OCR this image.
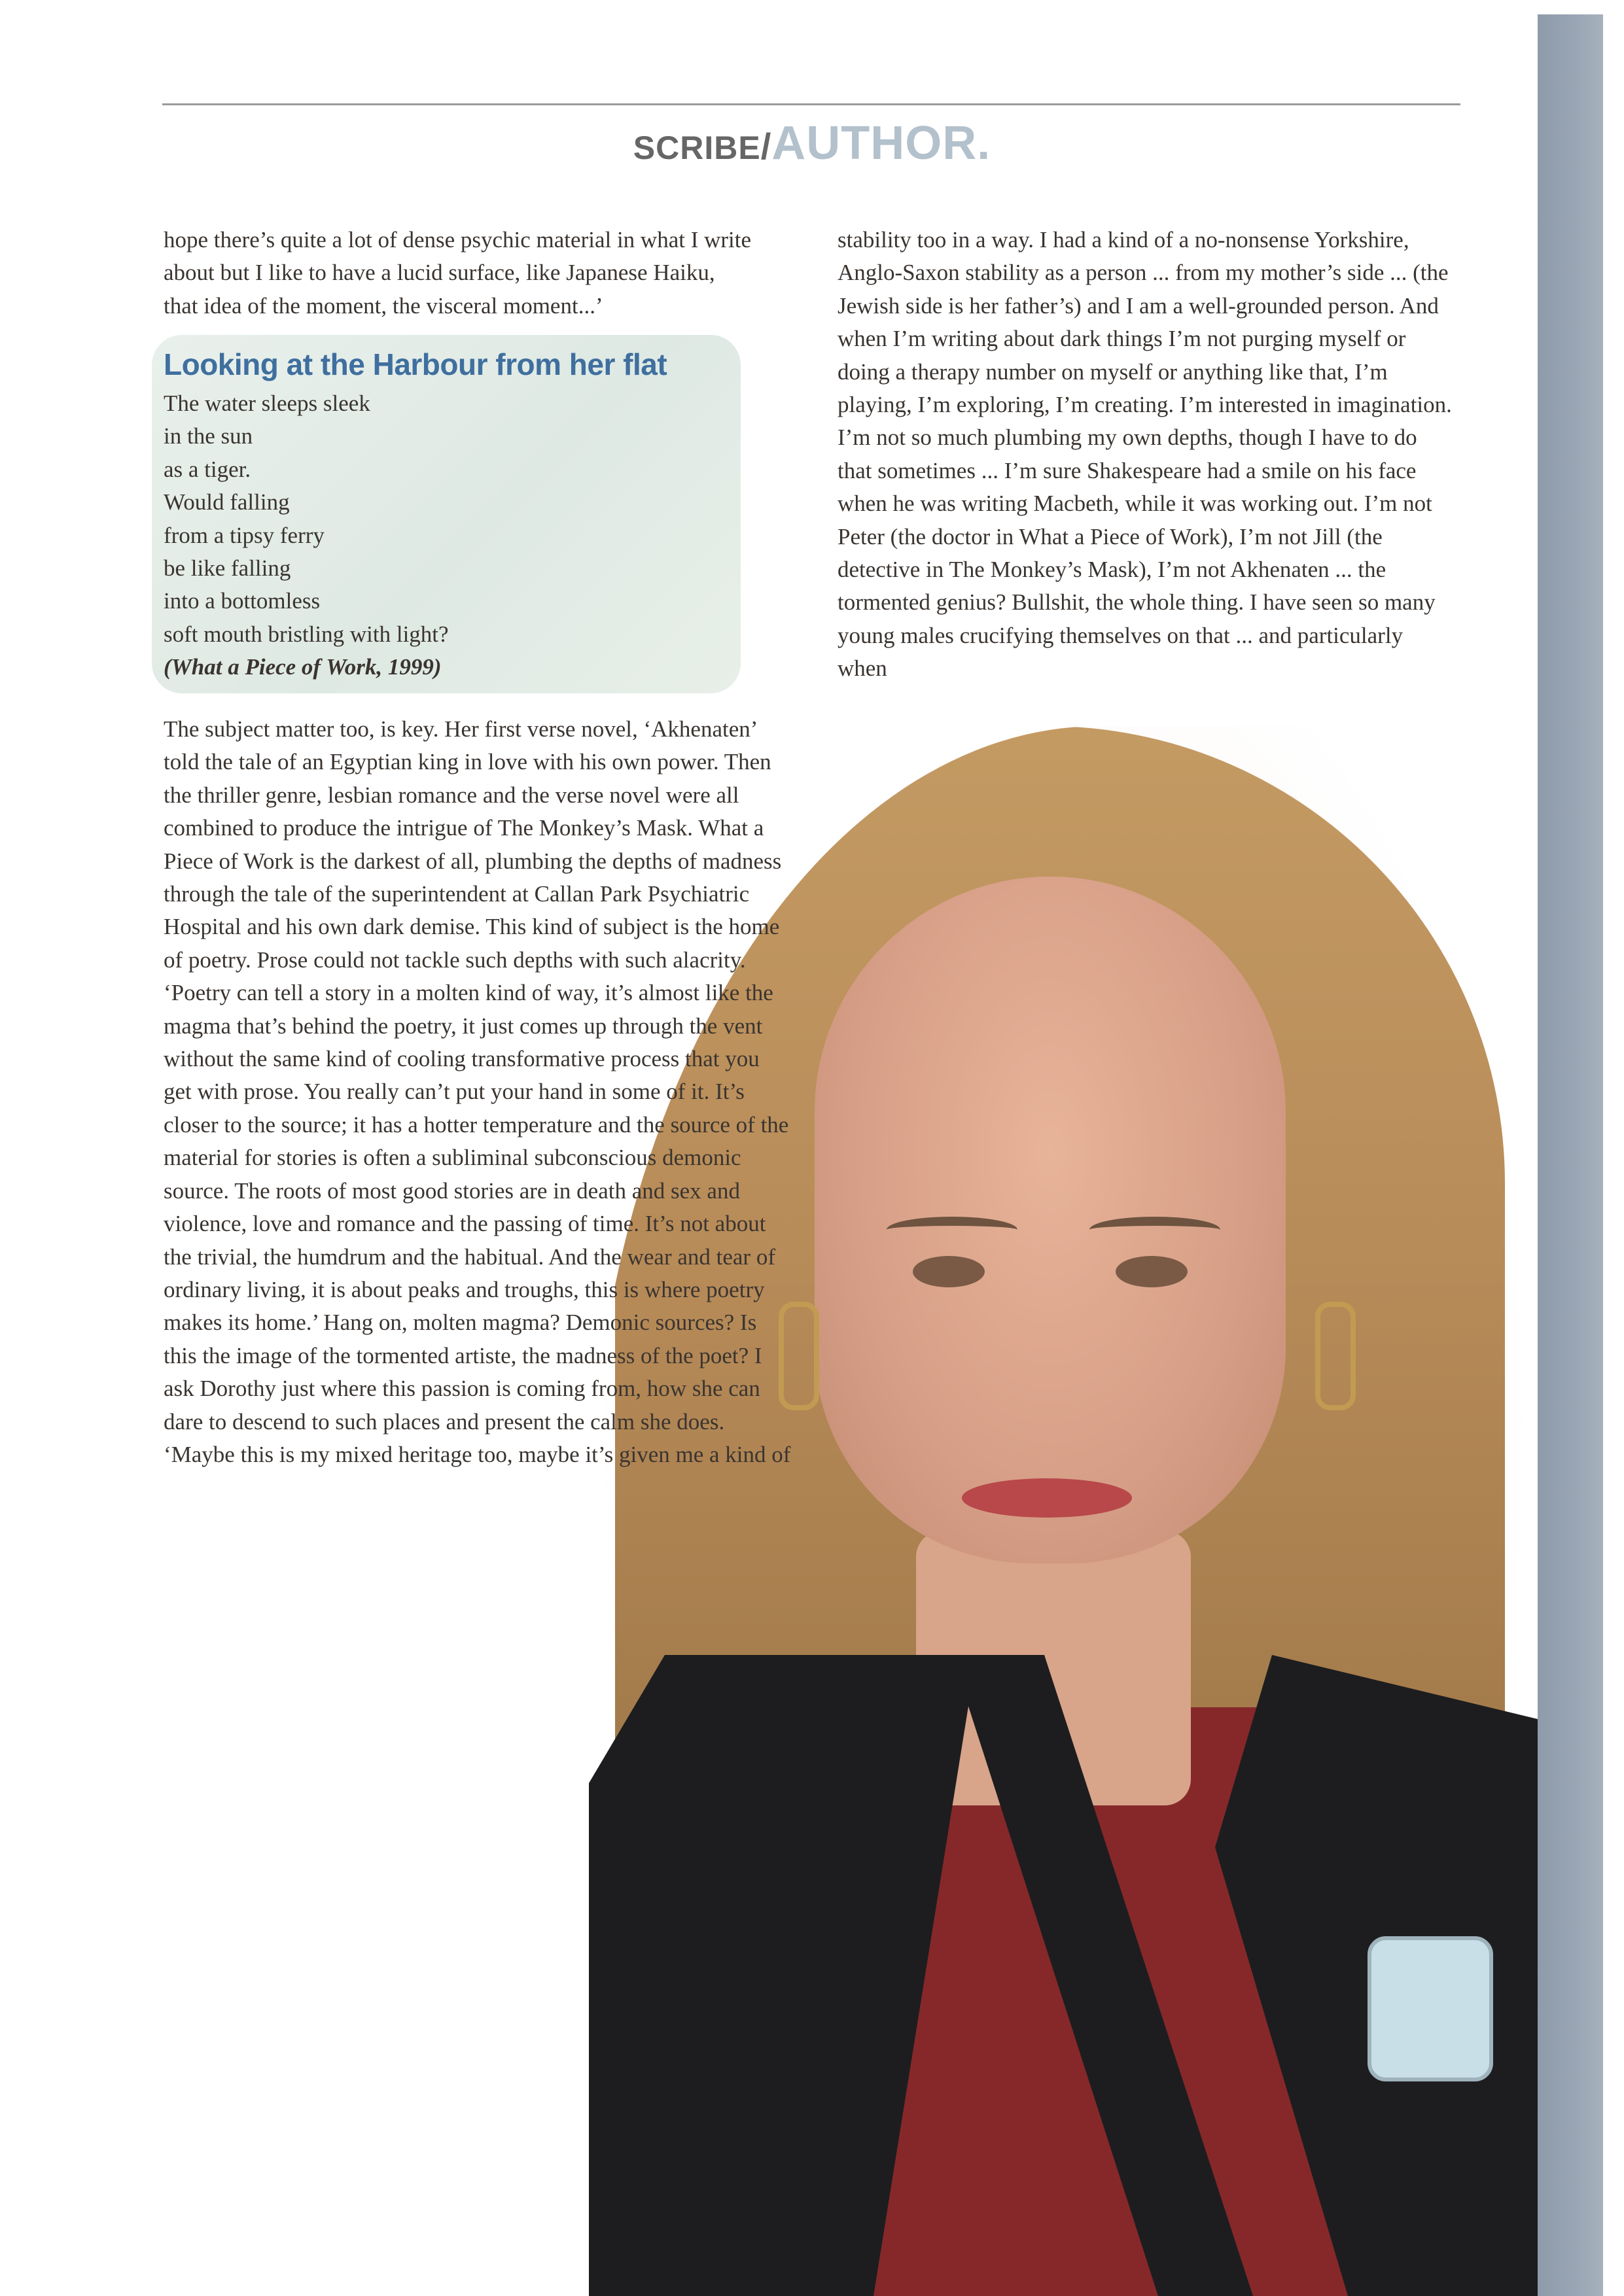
SCRIBE/AUTHOR.

hope there’s quite a lot of dense psychic material in what I write about but I like to have a lucid surface, like Japanese Haiku, that idea of the moment, the visceral moment...’

Looking at the Harbour from her flat
The water sleeps sleek
in the sun
as a tiger.
Would falling
from a tipsy ferry
be like falling
into a bottomless
soft mouth bristling with light?
(What a Piece of Work, 1999)
The subject matter too, is key. Her first verse novel, ‘Akhenaten’ told the tale of an Egyptian king in love with his own power. Then the thriller genre, lesbian romance and the verse novel were all combined to produce the intrigue of The Monkey’s Mask. What a Piece of Work is the darkest of all, plumbing the depths of madness through the tale of the superintendent at Callan Park Psychiatric Hospital and his own dark demise. This kind of subject is the home of poetry. Prose could not tackle such depths with such alacrity. ‘Poetry can tell a story in a molten kind of way, it’s almost like the magma that’s behind the poetry, it just comes up through the vent without the same kind of cooling transformative process that you get with prose. You really can’t put your hand in some of it. It’s closer to the source; it has a hotter temperature and the source of the material for stories is often a subliminal subconscious demonic source. The roots of most good stories are in death and sex and violence, love and romance and the passing of time. It’s not about the trivial, the humdrum and the habitual. And the wear and tear of ordinary living, it is about peaks and troughs, this is where poetry makes its home.’ Hang on, molten magma? Demonic sources? Is this the image of the tormented artiste, the madness of the poet? I ask Dorothy just where this passion is coming from, how she can dare to descend to such places and present the calm she does. ‘Maybe this is my mixed heritage too, maybe it’s given me a kind of

stability too in a way. I had a kind of a no-nonsense Yorkshire, Anglo-Saxon stability as a person ... from my mother’s side ... (the Jewish side is her father’s) and I am a well-grounded person. And when I’m writing about dark things I’m not purging myself or doing a therapy number on myself or anything like that, I’m playing, I’m exploring, I’m creating. I’m interested in imagination. I’m not so much plumbing my own depths, though I have to do that sometimes ... I’m sure Shakespeare had a smile on his face when he was writing Macbeth, while it was working out. I’m not Peter (the doctor in What a Piece of Work), I’m not Jill (the detective in The Monkey’s Mask), I’m not Akhenaten ... the tormented genius? Bullshit, the whole thing. I have seen so many young males crucifying themselves on that ... and particularly when
